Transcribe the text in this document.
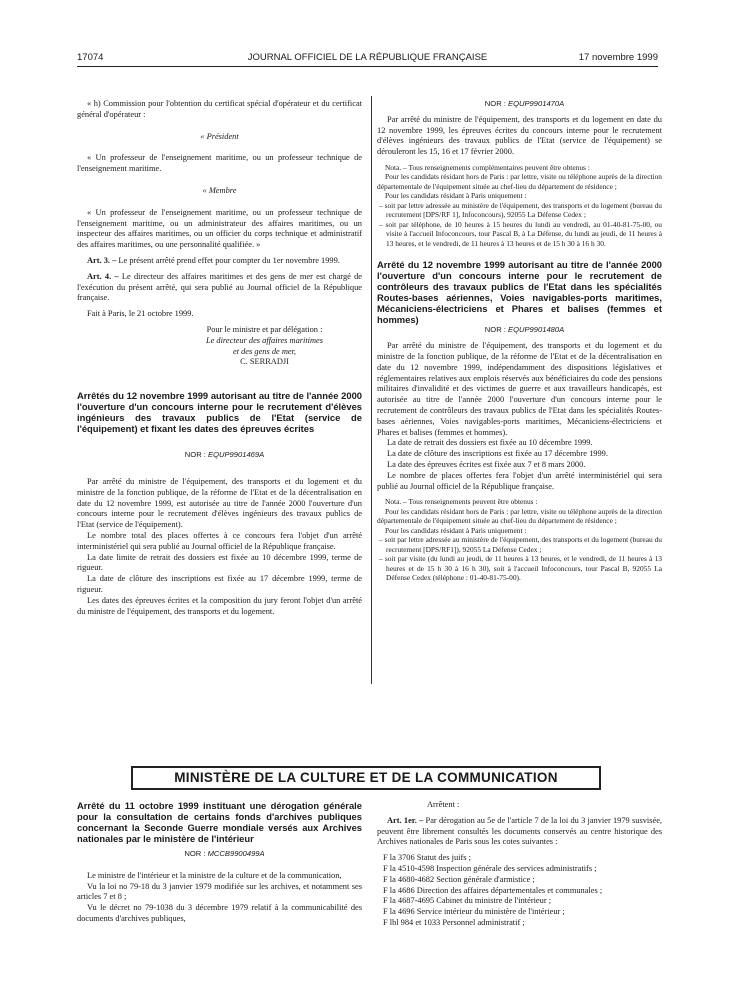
17074	JOURNAL OFFICIEL DE LA RÉPUBLIQUE FRANÇAISE	17 novembre 1999

« h) Commission pour l'obtention du certificat spécial d'opérateur et du certificat général d'opérateur :

« Président

« Un professeur de l'enseignement maritime, ou un professeur technique de l'enseignement maritime.

« Membre

« Un professeur de l'enseignement maritime, ou un professeur technique de l'enseignement maritime, ou un administrateur des affaires maritimes, ou un inspecteur des affaires maritimes, ou un officier du corps technique et administratif des affaires maritimes, ou une personnalité qualifiée. »

Art. 3. – Le présent arrêté prend effet pour compter du 1er novembre 1999.

Art. 4. – Le directeur des affaires maritimes et des gens de mer est chargé de l'exécution du présent arrêté, qui sera publié au Journal officiel de la République française.

Fait à Paris, le 21 octobre 1999.

Pour le ministre et par délégation :

Le directeur des affaires maritimes

et des gens de mer,

C. SERRADJI

Arrêtés du 12 novembre 1999 autorisant au titre de l'année 2000 l'ouverture d'un concours interne pour le recrutement d'élèves ingénieurs des travaux publics de l'Etat (service de l'équipement) et fixant les dates des épreuves écrites

NOR : EQUP9901469A

Par arrêté du ministre de l'équipement, des transports et du logement et du ministre de la fonction publique, de la réforme de l'Etat et de la décentralisation en date du 12 novembre 1999, est autorisée au titre de l'année 2000 l'ouverture d'un concours interne pour le recrutement d'élèves ingénieurs des travaux publics de l'Etat (service de l'équipement).

Le nombre total des places offertes à ce concours fera l'objet d'un arrêté interministériel qui sera publié au Journal officiel de la République française.

La date limite de retrait des dossiers est fixée au 10 décembre 1999, terme de rigueur.

La date de clôture des inscriptions est fixée au 17 décembre 1999, terme de rigueur.

Les dates des épreuves écrites et la composition du jury feront l'objet d'un arrêté du ministre de l'équipement, des transports et du logement.

NOR : EQUP9901470A

Par arrêté du ministre de l'équipement, des transports et du logement en date du 12 novembre 1999, les épreuves écrites du concours interne pour le recrutement d'élèves ingénieurs des travaux publics de l'Etat (service de l'équipement) se dérouleront les 15, 16 et 17 février 2000.

Nota. – Tous renseignements complémentaires peuvent être obtenus :

Pour les candidats résidant hors de Paris : par lettre, visite ou téléphone auprès de la direction départementale de l'équipement située au chef-lieu du département de résidence ;

Pour les candidats résidant à Paris uniquement :

– soit par lettre adressée au ministère de l'équipement, des transports et du logement (bureau du recrutement [DPS/RF 1], Infoconcours), 92055 La Défense Cedex ;

– soit par téléphone, de 10 heures à 15 heures du lundi au vendredi, au 01-40-81-75-00, ou visite à l'accueil Infoconcours, tour Pascal B, à La Défense, du lundi au jeudi, de 11 heures à 13 heures, et le vendredi, de 11 heures à 13 heures et de 15 h 30 à 16 h 30.

Arrêté du 12 novembre 1999 autorisant au titre de l'année 2000 l'ouverture d'un concours interne pour le recrutement de contrôleurs des travaux publics de l'Etat dans les spécialités Routes-bases aériennes, Voies navigables-ports maritimes, Mécaniciens-électriciens et Phares et balises (femmes et hommes)

NOR : EQUP9901480A

Par arrêté du ministre de l'équipement, des transports et du logement et du ministre de la fonction publique, de la réforme de l'Etat et de la décentralisation en date du 12 novembre 1999, indépendamment des dispositions législatives et réglementaires relatives aux emplois réservés aux bénéficiaires du code des pensions militaires d'invalidité et des victimes de guerre et aux travailleurs handicapés, est autorisée au titre de l'année 2000 l'ouverture d'un concours interne pour le recrutement de contrôleurs des travaux publics de l'Etat dans les spécialités Routes-bases aériennes, Voies navigables-ports maritimes, Mécaniciens-électriciens et Phares et balises (femmes et hommes).

La date de retrait des dossiers est fixée au 10 décembre 1999.

La date de clôture des inscriptions est fixée au 17 décembre 1999.

La date des épreuves écrites est fixée aux 7 et 8 mars 2000.

Le nombre de places offertes fera l'objet d'un arrêté interministériel qui sera publié au Journal officiel de la République française.

Nota. – Tous renseignements peuvent être obtenus :

Pour les candidats résidant hors de Paris : par lettre, visite ou téléphone auprès de la direction départementale de l'équipement située au chef-lieu du département de résidence ;

Pour les candidats résidant à Paris uniquement :

– soit par lettre adressée au ministère de l'équipement, des transports et du logement (bureau du recrutement [DPS/RF1]), 92055 La Défense Cedex ;

– soit par visite (du lundi au jeudi, de 11 heures à 13 heures, et le vendredi, de 11 heures à 13 heures et de 15 h 30 à 16 h 30), soit à l'accueil Infoconcours, tour Pascal B, 92055 La Défense Cedex (téléphone : 01-40-81-75-00).

MINISTÈRE DE LA CULTURE ET DE LA COMMUNICATION

Arrêté du 11 octobre 1999 instituant une dérogation générale pour la consultation de certains fonds d'archives publiques concernant la Seconde Guerre mondiale versés aux Archives nationales par le ministère de l'intérieur

NOR : MCCB9900499A

Le ministre de l'intérieur et la ministre de la culture et de la communication,

Vu la loi no 79-18 du 3 janvier 1979 modifiée sur les archives, et notamment ses articles 7 et 8 ;

Vu le décret no 79-1038 du 3 décembre 1979 relatif à la communicabilité des documents d'archives publiques,

Arrêtent :

Art. 1er. – Par dérogation au 5e de l'article 7 de la loi du 3 janvier 1979 susvisée, peuvent être librement consultés les documents conservés au centre historique des Archives nationales de Paris sous les cotes suivantes :

F la 3706 Statut des juifs ;

F la 4510-4598 Inspection générale des services administratifs ;

F la 4680-4682 Section générale d'armistice ;

F la 4686 Direction des affaires départementales et communales ;

F la 4687-4695 Cabinet du ministre de l'intérieur ;

F la 4696 Service intérieur du ministère de l'intérieur ;

F lbl 984 et 1033 Personnel administratif ;
